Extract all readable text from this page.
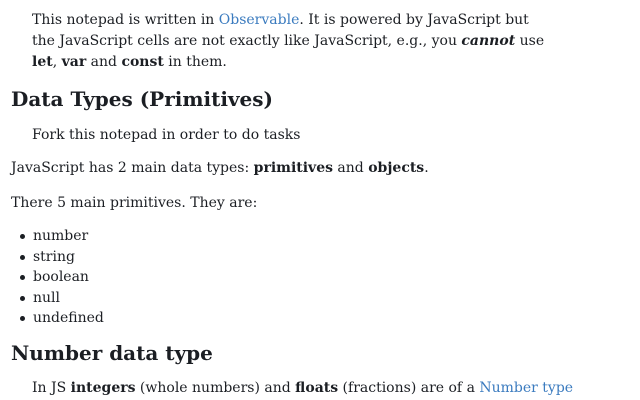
This notepad is written in Observable. It is powered by JavaScript but the JavaScript cells are not exactly like JavaScript, e.g., you cannot use let, var and const in them.

Data Types (Primitives)

Fork this notepad in order to do tasks

JavaScript has 2 main data types: primitives and objects.

There 5 main primitives. They are:

number
string
boolean
null
undefined
Number data type

In JS integers (whole numbers) and floats (fractions) are of a Number type
